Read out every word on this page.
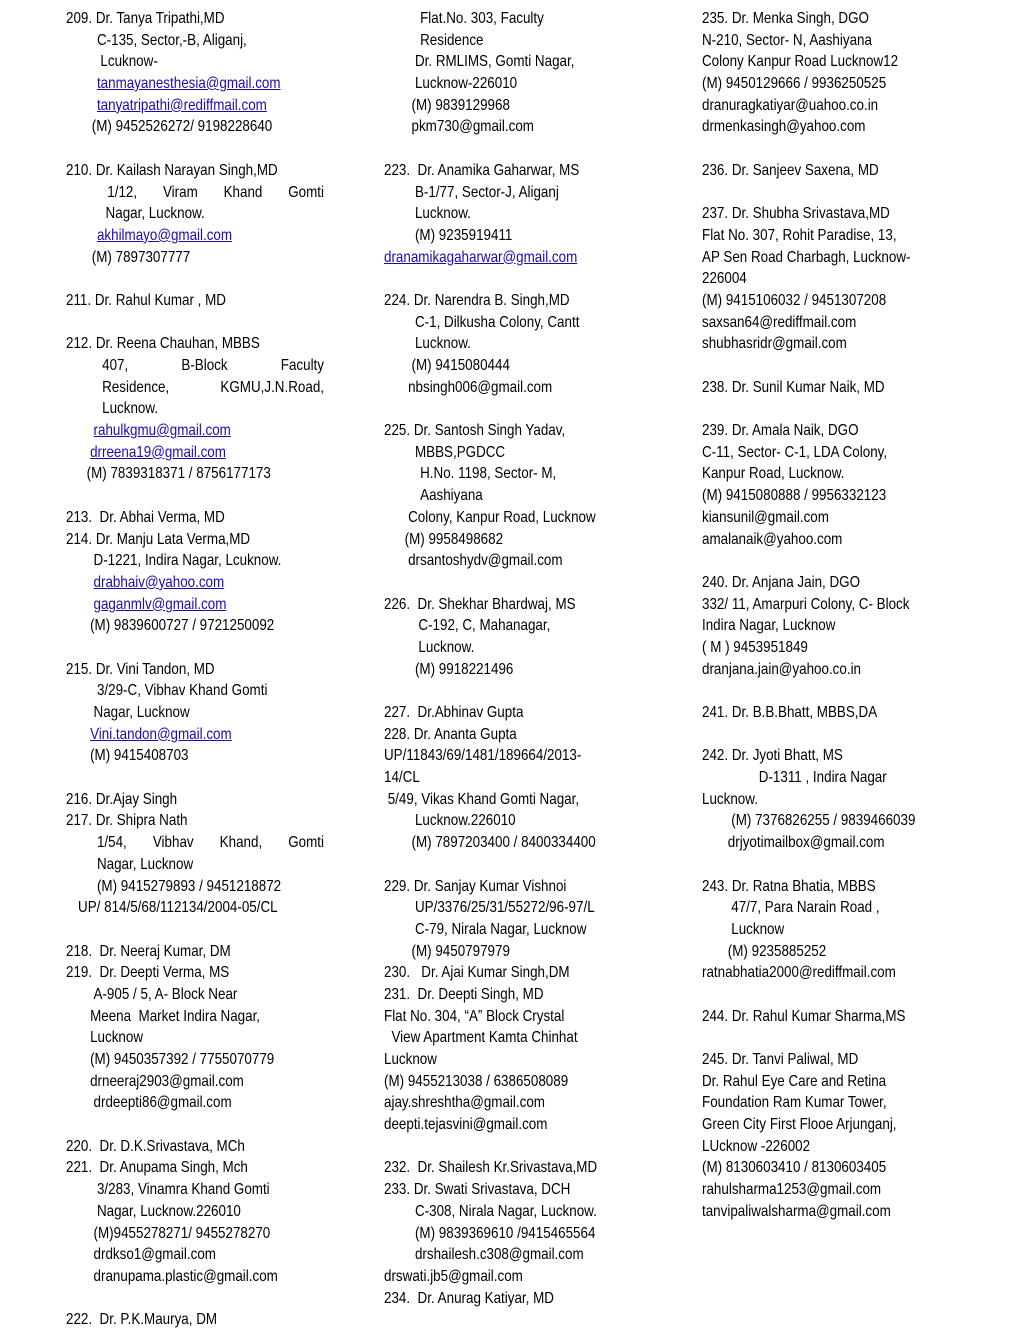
209. Dr. Tanya Tripathi,MD
C-135, Sector,-B, Aliganj,
Lcuknow-
tanmayanesthesia@gmail.com
tanyatripathi@rediffmail.com
(M) 9452526272/ 9198228640
210. Dr. Kailash Narayan Singh,MD
1/12, Viram Khand Gomti
Nagar, Lucknow.
akhilmayo@gmail.com
(M) 7897307777
211. Dr. Rahul Kumar , MD
212. Dr. Reena Chauhan, MBBS
407, B-Block Faculty
Residence, KGMU,J.N.Road,
Lucknow.
rahulkgmu@gmail.com
drreena19@gmail.com
(M) 7839318371 / 8756177173
213.  Dr. Abhai Verma, MD
214. Dr. Manju Lata Verma,MD
D-1221, Indira Nagar, Lcuknow.
drabhaiv@yahoo.com
gaganmlv@gmail.com
(M) 9839600727 / 9721250092
215. Dr. Vini Tandon, MD
3/29-C, Vibhav Khand Gomti
Nagar, Lucknow
Vini.tandon@gmail.com
(M) 9415408703
216. Dr.Ajay Singh
217. Dr. Shipra Nath
1/54, Vibhav Khand, Gomti
Nagar, Lucknow
(M) 9415279893 / 9451218872
UP/ 814/5/68/112134/2004-05/CL
218.  Dr. Neeraj Kumar, DM
219.  Dr. Deepti Verma, MS
A-905 / 5, A- Block Near
Meena  Market Indira Nagar,
Lucknow
(M) 9450357392 / 7755070779
drneeraj2903@gmail.com
drdeepti86@gmail.com
220.  Dr. D.K.Srivastava, MCh
221.  Dr. Anupama Singh, Mch
3/283, Vinamra Khand Gomti
Nagar, Lucknow.226010
(M)9455278271/ 9455278270
drdkso1@gmail.com
dranupama.plastic@gmail.com
222.  Dr. P.K.Maurya, DM
Flat.No. 303, Faculty
Residence
Dr. RMLIMS, Gomti Nagar,
Lucknow-226010
(M) 9839129968
pkm730@gmail.com
223.  Dr. Anamika Gaharwar, MS
B-1/77, Sector-J, Aliganj
Lucknow.
(M) 9235919411
dranamikagaharwar@gmail.com
224. Dr. Narendra B. Singh,MD
C-1, Dilkusha Colony, Cantt
Lucknow.
(M) 9415080444
nbsingh006@gmail.com
225. Dr. Santosh Singh Yadav,
MBBS,PGDCC
H.No. 1198, Sector- M,
Aashiyana
Colony, Kanpur Road, Lucknow
(M) 9958498682
drsantoshydv@gmail.com
226.  Dr. Shekhar Bhardwaj, MS
C-192, C, Mahanagar,
Lucknow.
(M) 9918221496
227.  Dr.Abhinav Gupta
228. Dr. Ananta Gupta
UP/11843/69/1481/189664/2013-
14/CL
5/49, Vikas Khand Gomti Nagar,
Lucknow.226010
(M) 7897203400 / 8400334400
229. Dr. Sanjay Kumar Vishnoi
UP/3376/25/31/55272/96-97/L
C-79, Nirala Nagar, Lucknow
(M) 9450797979
230.   Dr. Ajai Kumar Singh,DM
231.  Dr. Deepti Singh, MD
Flat No. 304, “A” Block Crystal
View Apartment Kamta Chinhat
Lucknow
(M) 9455213038 / 6386508089
ajay.shreshtha@gmail.com
deepti.tejasvini@gmail.com
232.  Dr. Shailesh Kr.Srivastava,MD
233. Dr. Swati Srivastava, DCH
C-308, Nirala Nagar, Lucknow.
(M) 9839369610 /9415465564
drshailesh.c308@gmail.com
drswati.jb5@gmail.com
234.  Dr. Anurag Katiyar, MD
235. Dr. Menka Singh, DGO
N-210, Sector- N, Aashiyana
Colony Kanpur Road Lucknow12
(M) 9450129666 / 9936250525
dranuragkatiyar@uahoo.co.in
drmenkasingh@yahoo.com
236. Dr. Sanjeev Saxena, MD
237. Dr. Shubha Srivastava,MD
Flat No. 307, Rohit Paradise, 13,
AP Sen Road Charbagh, Lucknow-
226004
(M) 9415106032 / 9451307208
saxsan64@rediffmail.com
shubhasridr@gmail.com
238. Dr. Sunil Kumar Naik, MD
239. Dr. Amala Naik, DGO
C-11, Sector- C-1, LDA Colony,
Kanpur Road, Lucknow.
(M) 9415080888 / 9956332123
kiansunil@gmail.com
amalanaik@yahoo.com
240. Dr. Anjana Jain, DGO
332/ 11, Amarpuri Colony, C- Block
Indira Nagar, Lucknow
( M ) 9453951849
dranjana.jain@yahoo.co.in
241. Dr. B.B.Bhatt, MBBS,DA
242. Dr. Jyoti Bhatt, MS
D-1311 , Indira Nagar
Lucknow.
(M) 7376826255 / 9839466039
drjyotimailbox@gmail.com
243. Dr. Ratna Bhatia, MBBS
47/7, Para Narain Road ,
Lucknow
(M) 9235885252
ratnabhatia2000@rediffmail.com
244. Dr. Rahul Kumar Sharma,MS
245. Dr. Tanvi Paliwal, MD
Dr. Rahul Eye Care and Retina
Foundation Ram Kumar Tower,
Green City First Flooe Arjunganj,
LUcknow -226002
(M) 8130603410 / 8130603405
rahulsharma1253@gmail.com
tanvipaliwalsharma@gmail.com
